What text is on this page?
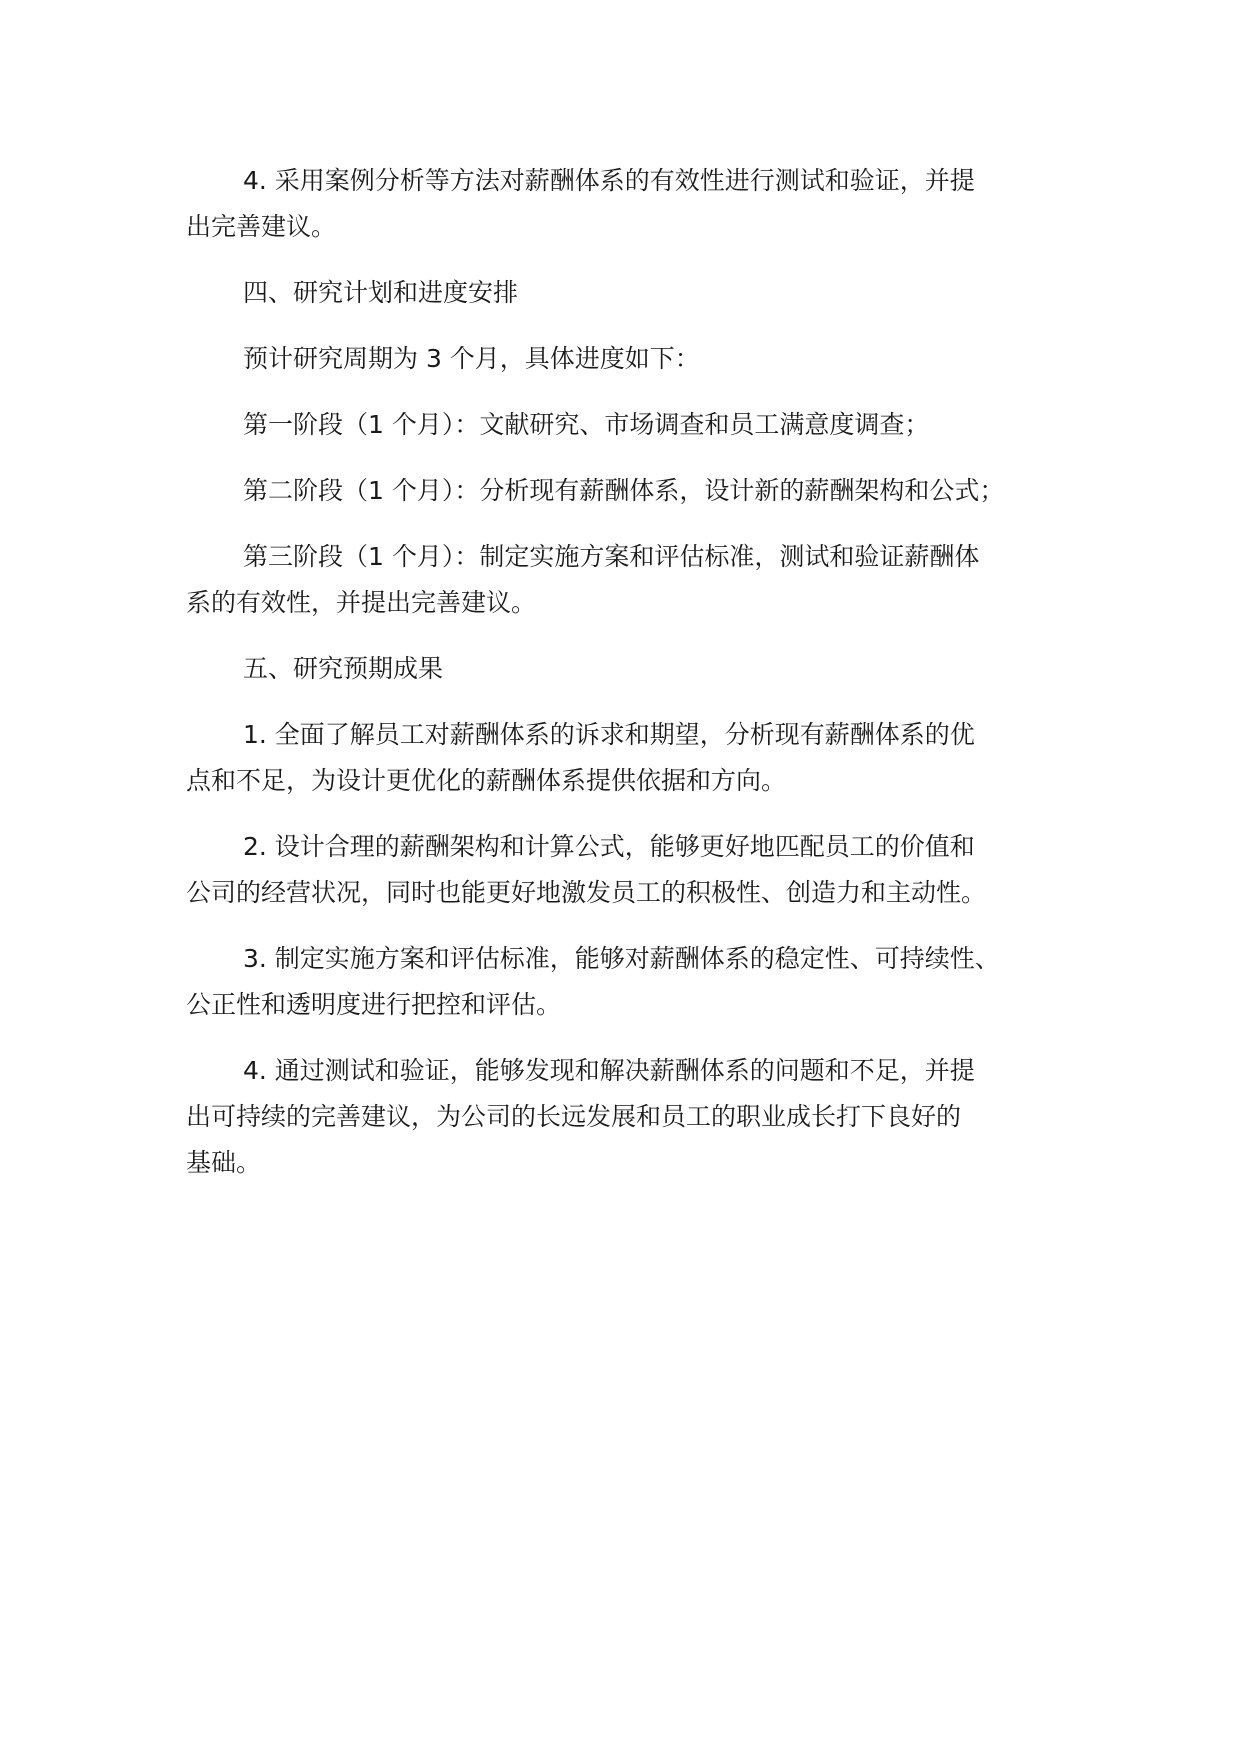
4. 采用案例分析等方法对薪酬体系的有效性进行测试和验证，并提
出完善建议。

四、研究计划和进度安排

预计研究周期为 3 个月，具体进度如下：

第一阶段（1 个月）：文献研究、市场调查和员工满意度调查；

第二阶段（1 个月）：分析现有薪酬体系，设计新的薪酬架构和公式；

第三阶段（1 个月）：制定实施方案和评估标准，测试和验证薪酬体
系的有效性，并提出完善建议。

五、研究预期成果

1. 全面了解员工对薪酬体系的诉求和期望，分析现有薪酬体系的优
点和不足，为设计更优化的薪酬体系提供依据和方向。

2. 设计合理的薪酬架构和计算公式，能够更好地匹配员工的价值和
公司的经营状况，同时也能更好地激发员工的积极性、创造力和主动性。

3. 制定实施方案和评估标准，能够对薪酬体系的稳定性、可持续性、
公正性和透明度进行把控和评估。

4. 通过测试和验证，能够发现和解决薪酬体系的问题和不足，并提
出可持续的完善建议，为公司的长远发展和员工的职业成长打下良好的
基础。
